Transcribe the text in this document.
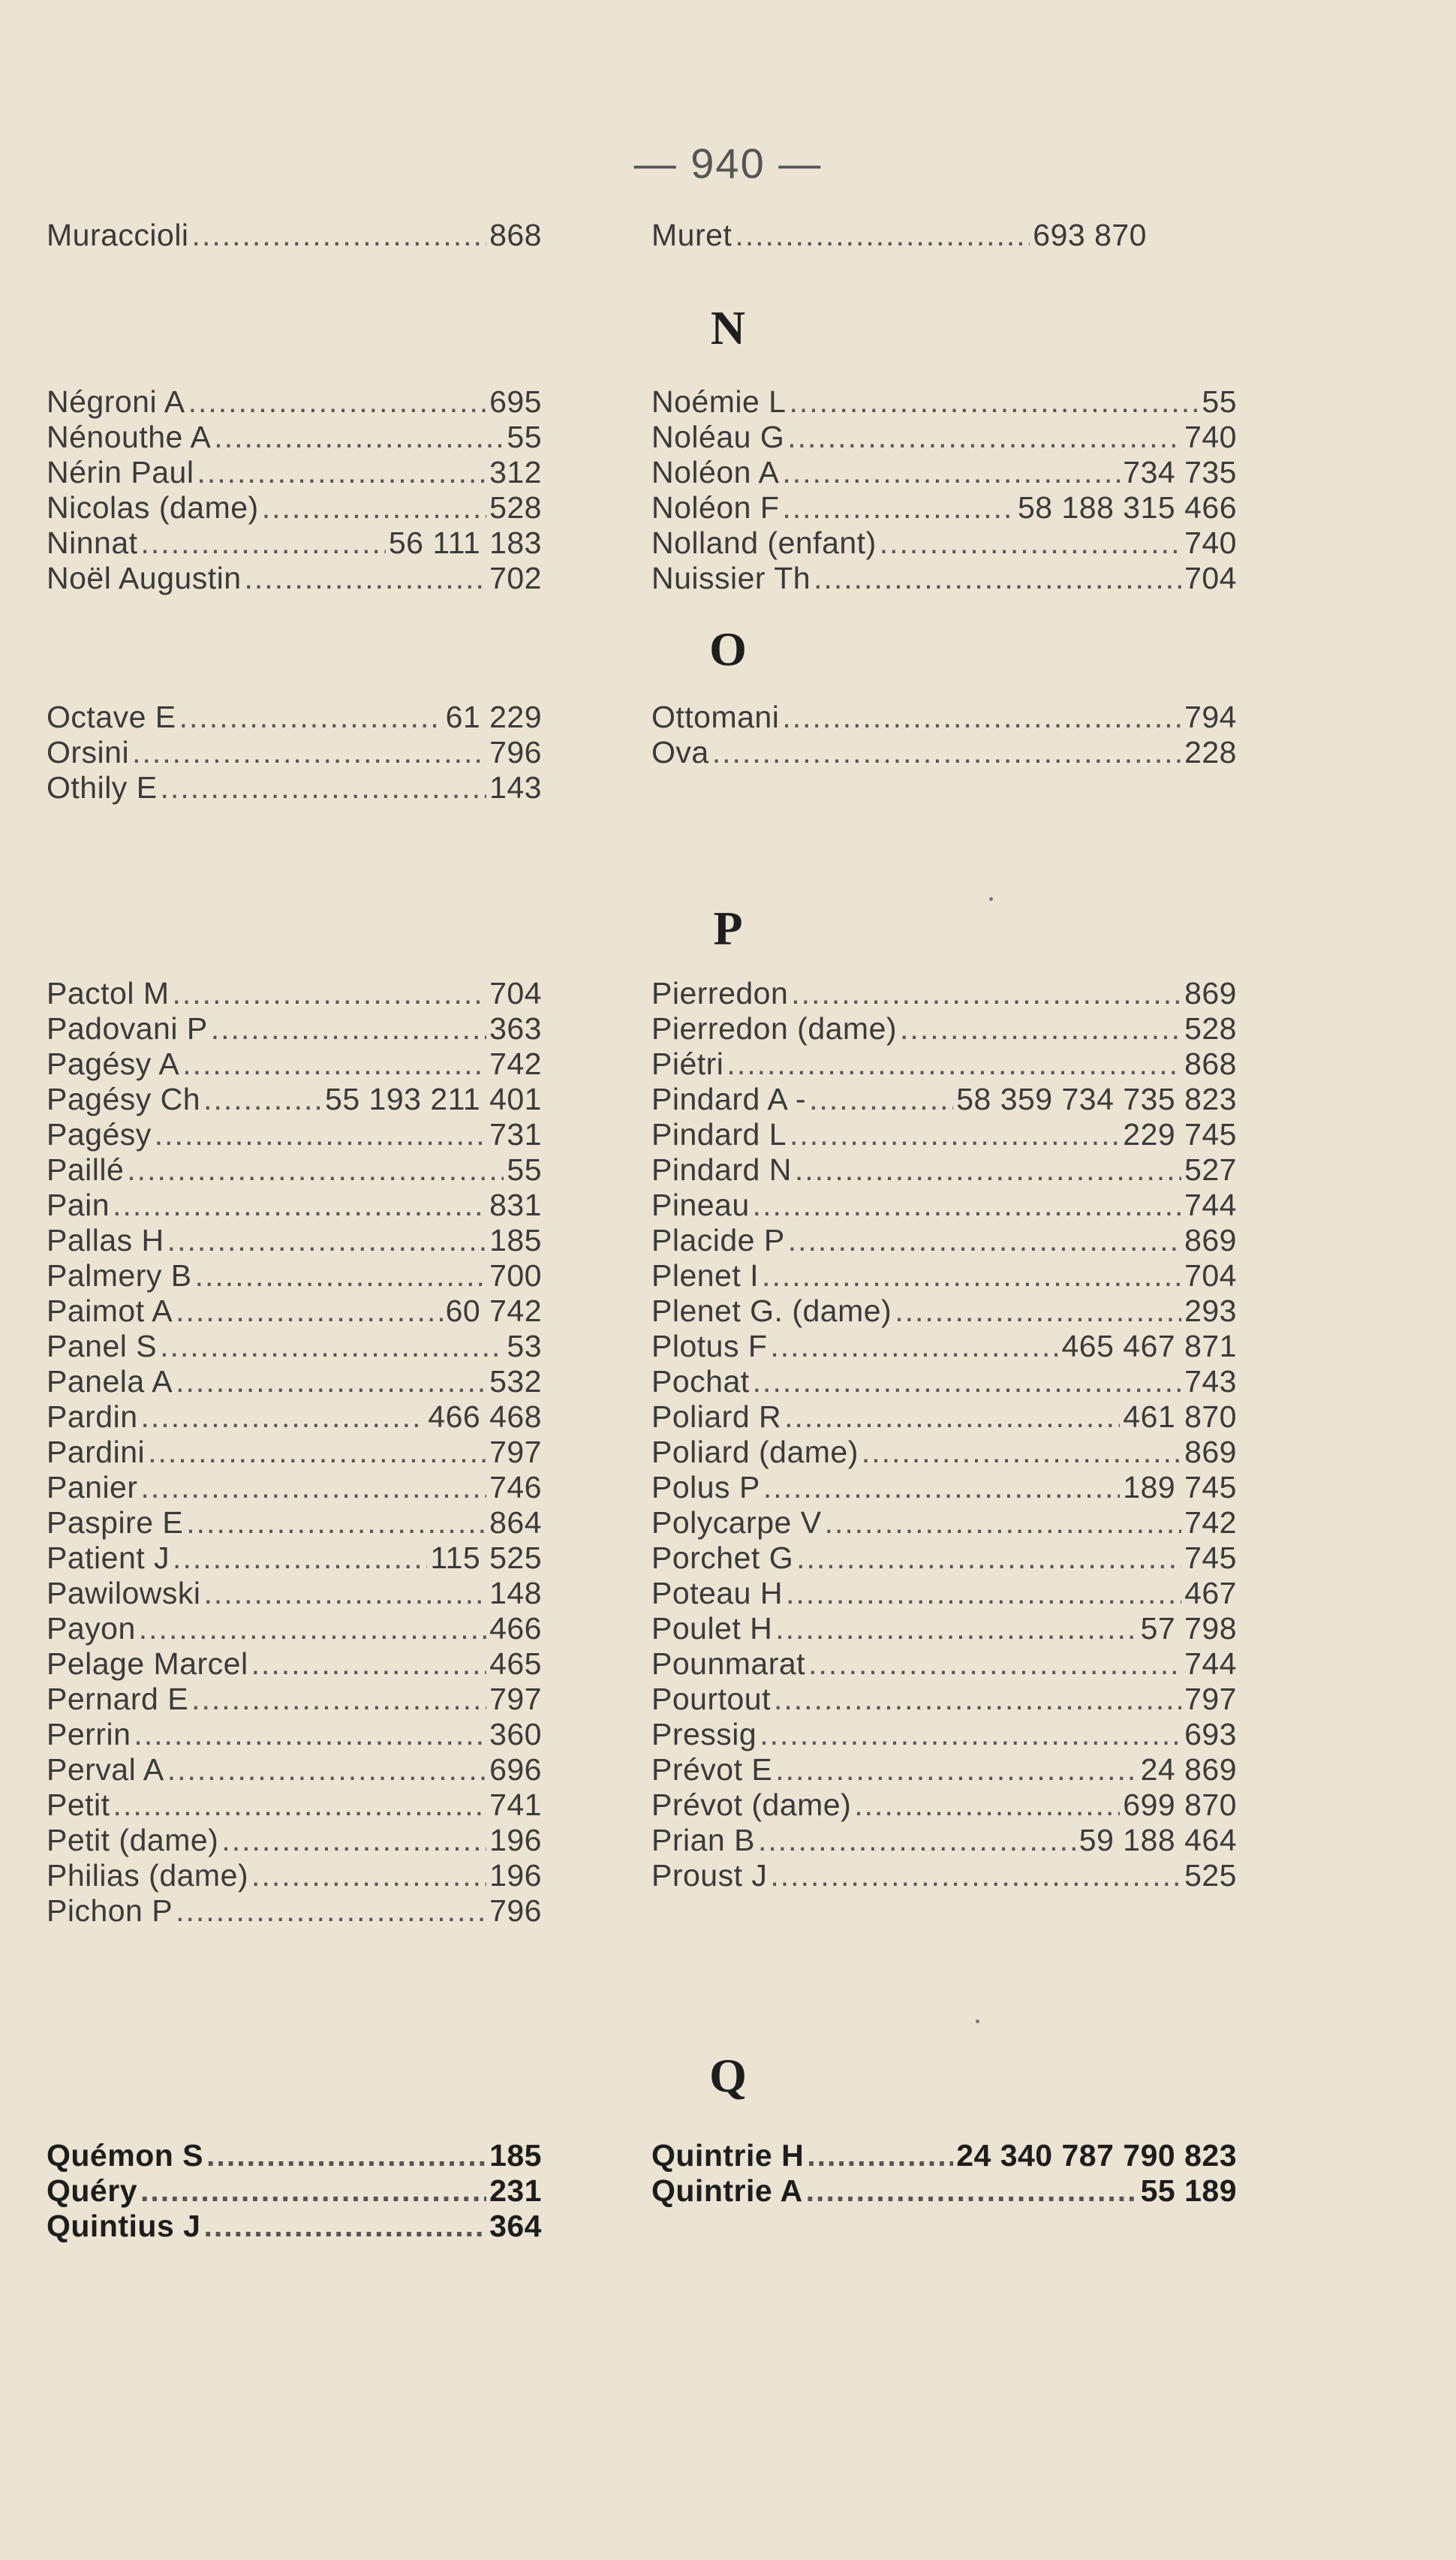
— 940 —
Muraccioli .....	868	Muret .....	693 870
N
Négroni A .....	695
Nénouthe A .....	55
Nérin Paul .....	312
Nicolas (dame) .....	528
Ninnat .....	56 111 183
Noël Augustin .....	702
Noémie L .....	55
Noléau G .....	740
Noléon A .....	734 735
Noléon F .....	58 188 315 466
Nolland (enfant) .....	740
Nuissier Th .....	704
O
Octave E .....	61 229
Orsini .....	796
Othily E .....	143
Ottomani .....	794
Ova .....	228
P
Pactol M .....	704
Padovani P .....	363
Pagésy A .....	742
Pagésy Ch .....	55 193 211 401
Pagésy .....	731
Paillé .....	55
Pain .....	831
Pallas H .....	185
Palmery B .....	700
Paimot A .....	60 742
Panel S .....	53
Panela A .....	532
Pardin .....	466 468
Pardini .....	797
Panier .....	746
Paspire E .....	864
Patient J .....	115 525
Pawilowski .....	148
Payon .....	466
Pelage Marcel .....	465
Pernard E .....	797
Perrin .....	360
Perval A .....	696
Petit .....	741
Petit (dame) .....	196
Philias (dame) .....	196
Pichon P .....	796
Pierredon .....	869
Pierredon (dame) .....	528
Piétri .....	868
Pindard A - .....	58 359 734 735 823
Pindard L .....	229 745
Pindard N .....	527
Pineau .....	744
Placide P .....	869
Plenet I .....	704
Plenet G. (dame) .....	293
Plotus F .....	465 467 871
Pochat .....	743
Poliard R .....	461 870
Poliard (dame) .....	869
Polus P .....	189 745
Polycarpe V .....	742
Porchet G .....	745
Poteau H .....	467
Poulet H .....	57 798
Pounmarat .....	744
Pourtout .....	797
Pressig .....	693
Prévot E .....	24 869
Prévot (dame) .....	699 870
Prian B .....	59 188 464
Proust J .....	525
Q
Quémon S .....	185
Quéry .....	231
Quintius J .....	364
Quintrie H .....	24 340 787 790 823
Quintrie A .....	55 189
